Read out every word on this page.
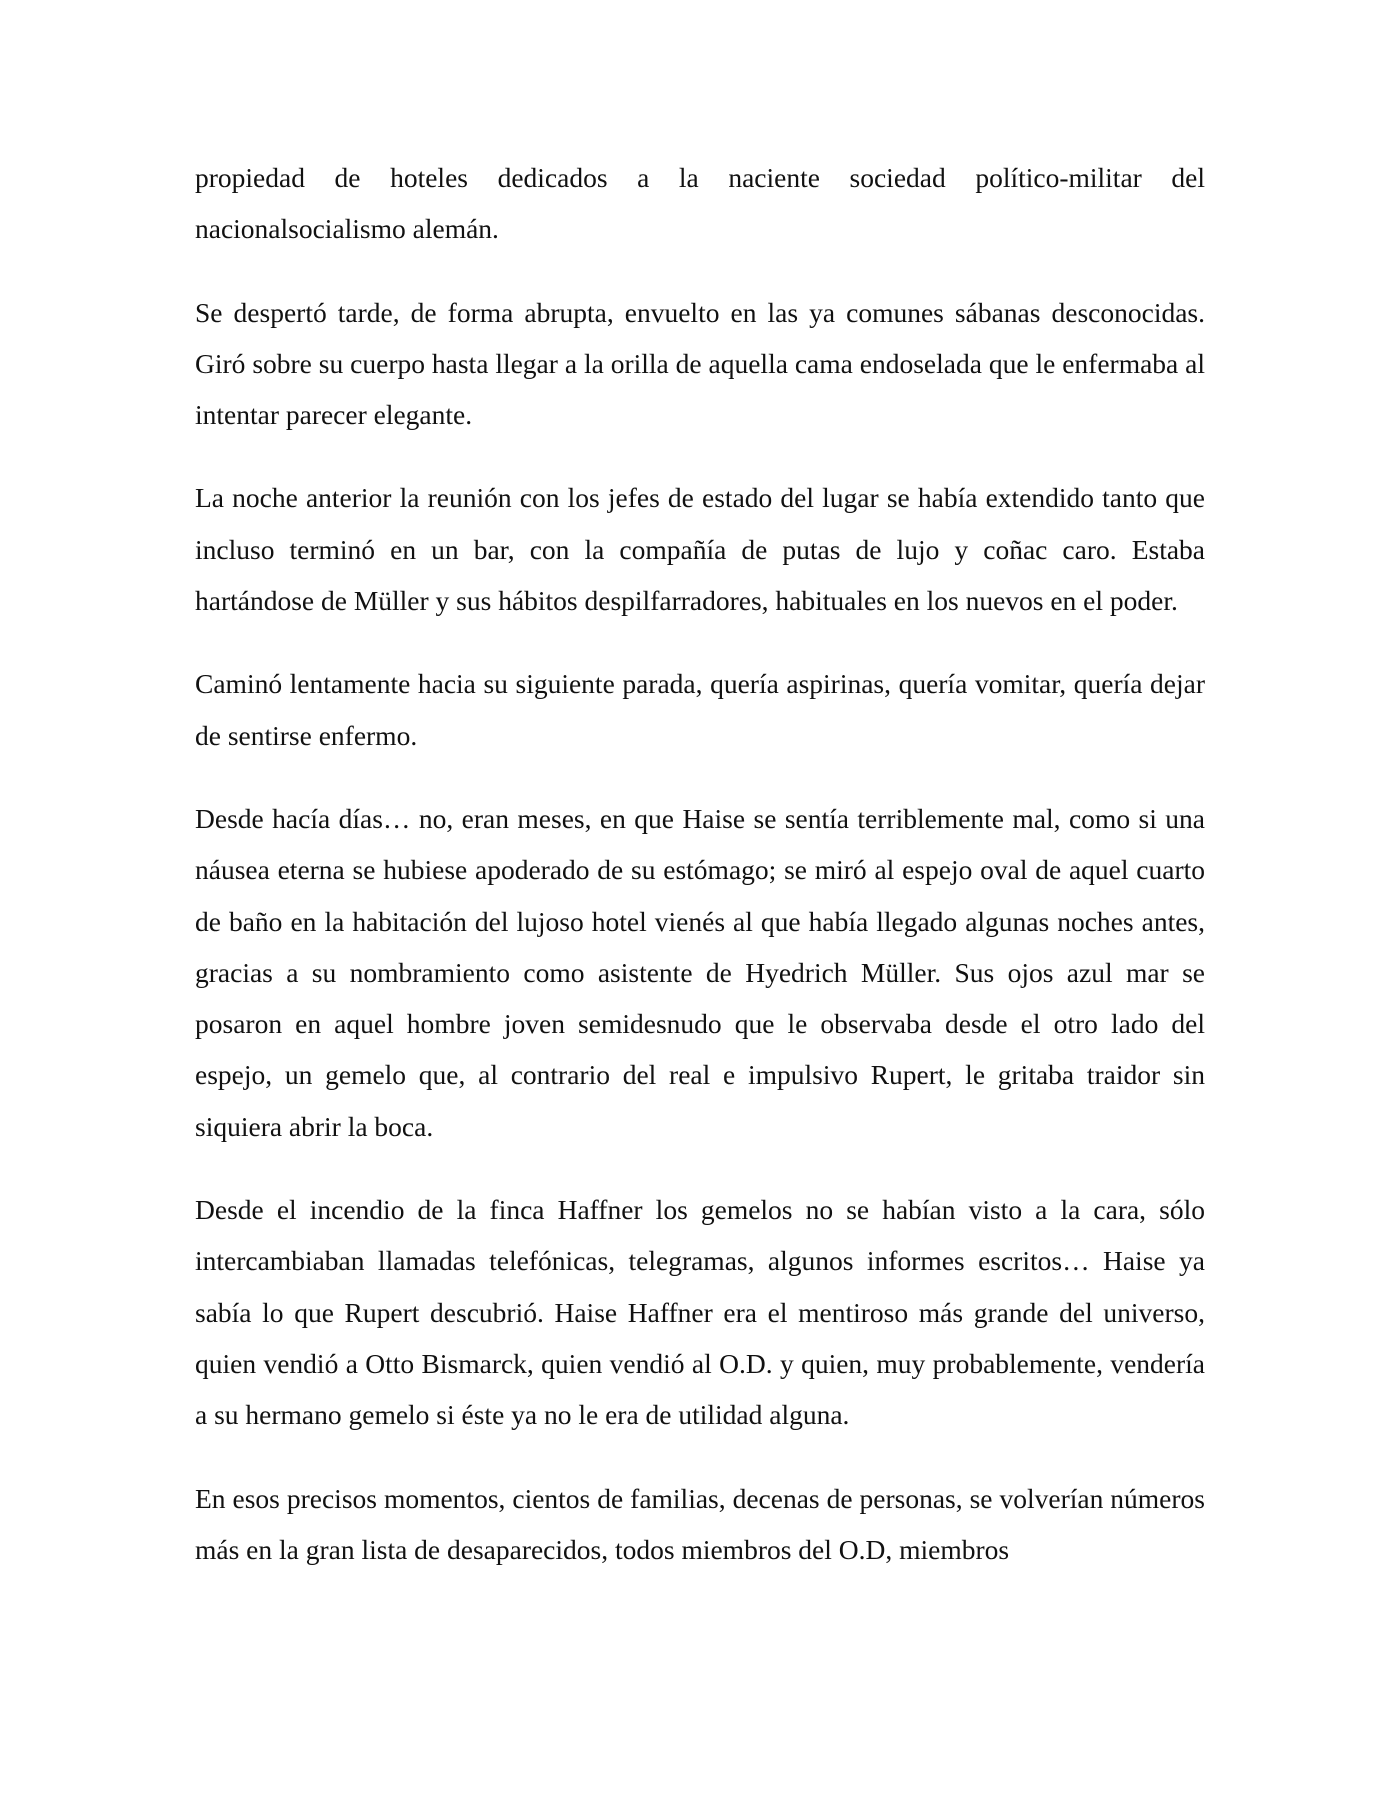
propiedad de hoteles dedicados a la naciente sociedad político-militar del nacionalsocialismo alemán.

Se despertó tarde, de forma abrupta, envuelto en las ya comunes sábanas desconocidas. Giró sobre su cuerpo hasta llegar a la orilla de aquella cama endoselada que le enfermaba al intentar parecer elegante.

La noche anterior la reunión con los jefes de estado del lugar se había extendido tanto que incluso terminó en un bar, con la compañía de putas de lujo y coñac caro. Estaba hartándose de Müller y sus hábitos despilfarradores, habituales en los nuevos en el poder.

Caminó lentamente hacia su siguiente parada, quería aspirinas, quería vomitar, quería dejar de sentirse enfermo.

Desde hacía días… no, eran meses, en que Haise se sentía terriblemente mal, como si una náusea eterna se hubiese apoderado de su estómago; se miró al espejo oval de aquel cuarto de baño en la habitación del lujoso hotel vienés al que había llegado algunas noches antes, gracias a su nombramiento como asistente de Hyedrich Müller. Sus ojos azul mar se posaron en aquel hombre joven semidesnudo que le observaba desde el otro lado del espejo, un gemelo que, al contrario del real e impulsivo Rupert, le gritaba traidor sin siquiera abrir la boca.

Desde el incendio de la finca Haffner los gemelos no se habían visto a la cara, sólo intercambiaban llamadas telefónicas, telegramas, algunos informes escritos… Haise ya sabía lo que Rupert descubrió. Haise Haffner era el mentiroso más grande del universo, quien vendió a Otto Bismarck, quien vendió al O.D. y quien, muy probablemente, vendería a su hermano gemelo si éste ya no le era de utilidad alguna.

En esos precisos momentos, cientos de familias, decenas de personas, se volverían números más en la gran lista de desaparecidos, todos miembros del O.D, miembros
